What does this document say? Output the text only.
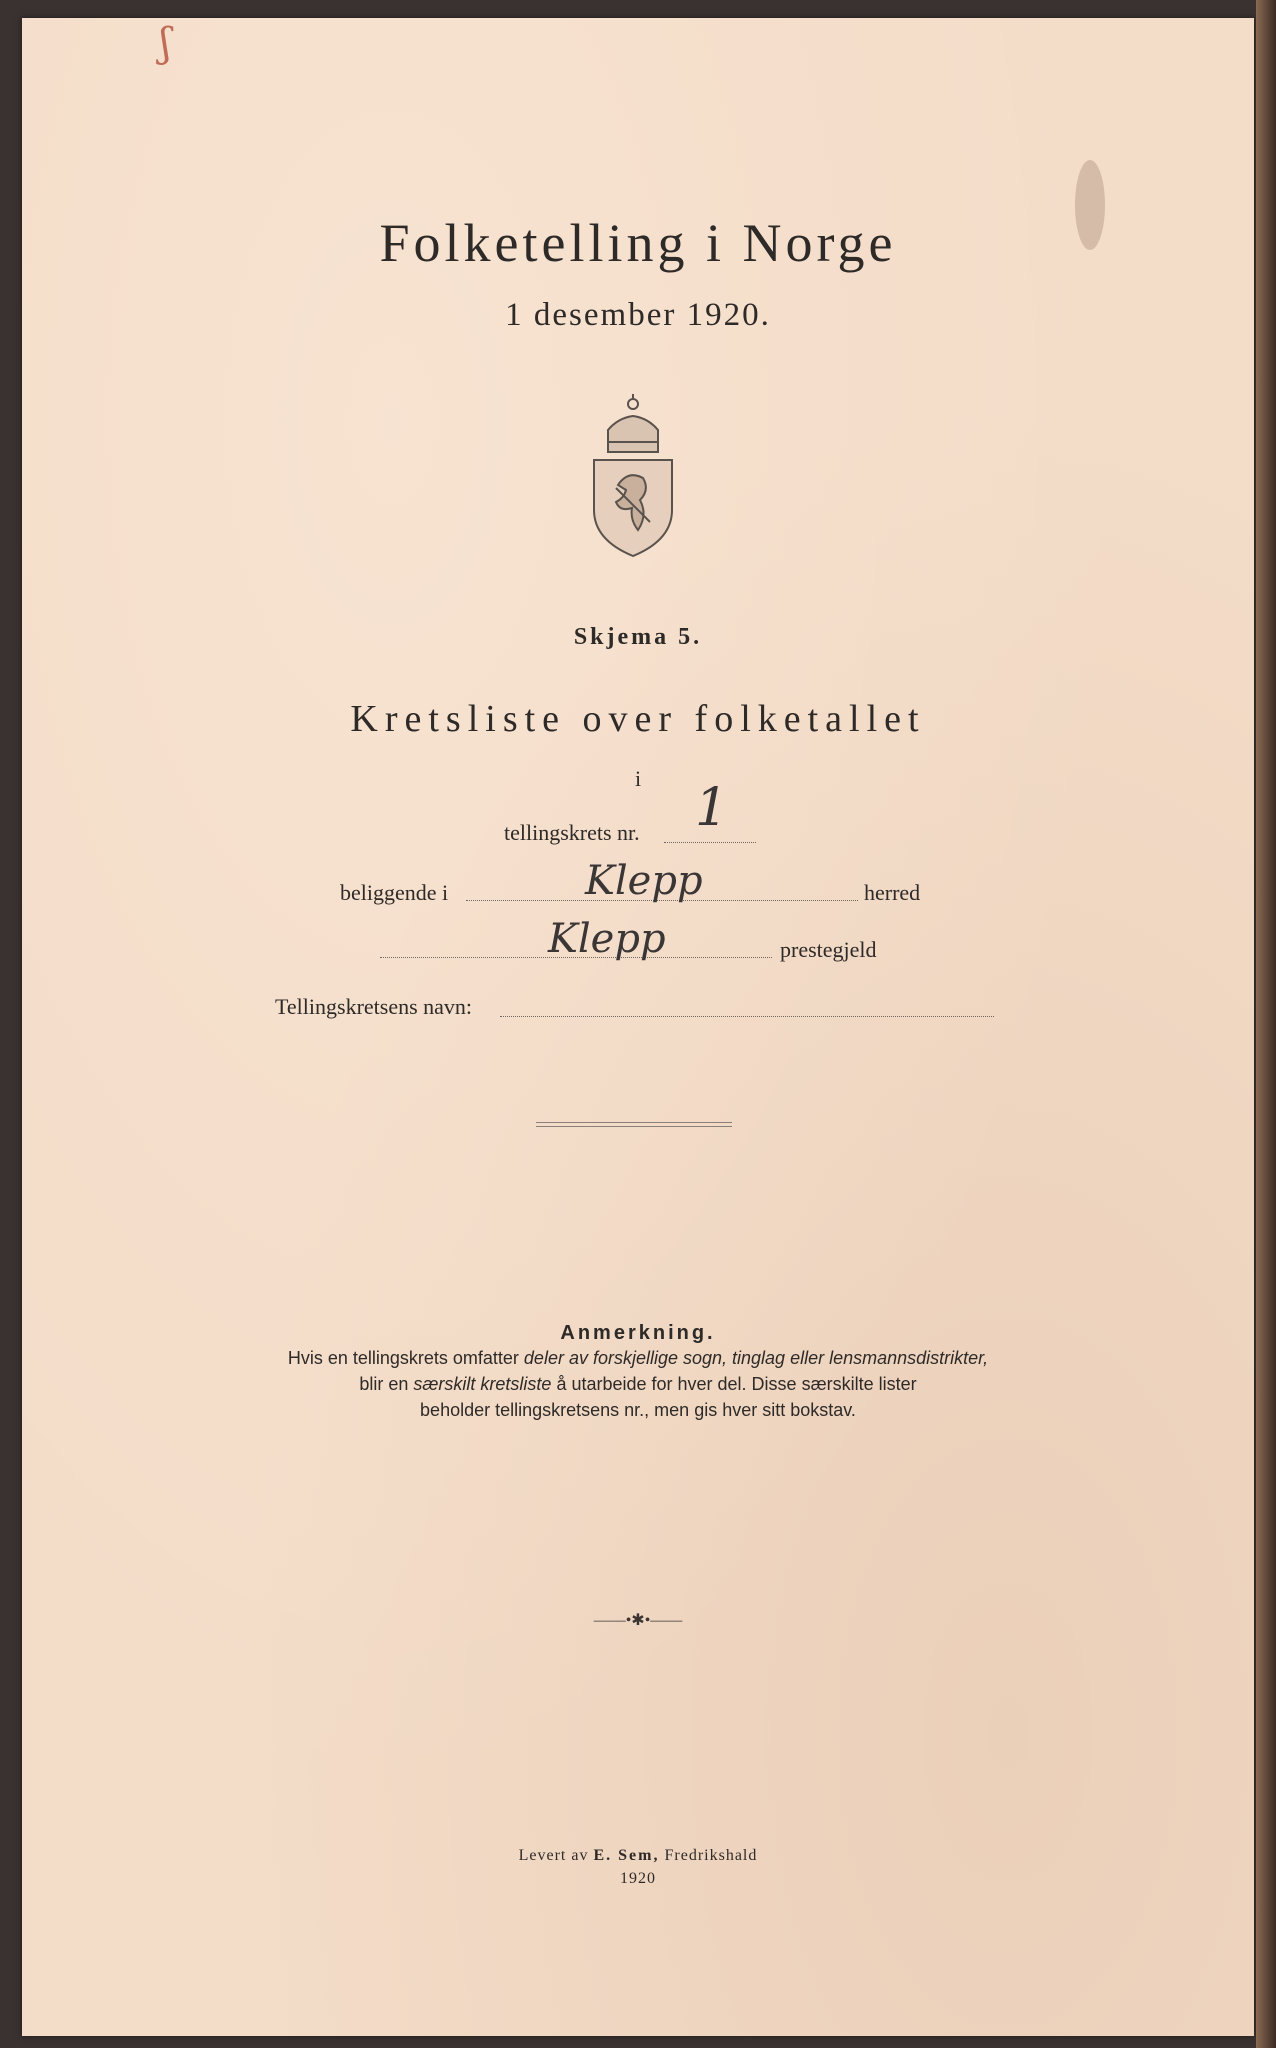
ʃ
Folketelling i Norge
1 desember 1920.
Skjema 5.
Kretsliste over folketallet
i
tellingskrets nr. 1
beliggende i	Klepp	herred
Klepp	prestegjeld
Tellingskretsens navn:
Anmerkning.
Hvis en tellingskrets omfatter deler av forskjellige sogn, tinglag eller lensmannsdistrikter,
blir en særskilt kretsliste å utarbeide for hver del. Disse særskilte lister
beholder tellingskretsens nr., men gis hver sitt bokstav.
——•✱•——
Levert av E. Sem, Fredrikshald
1920
